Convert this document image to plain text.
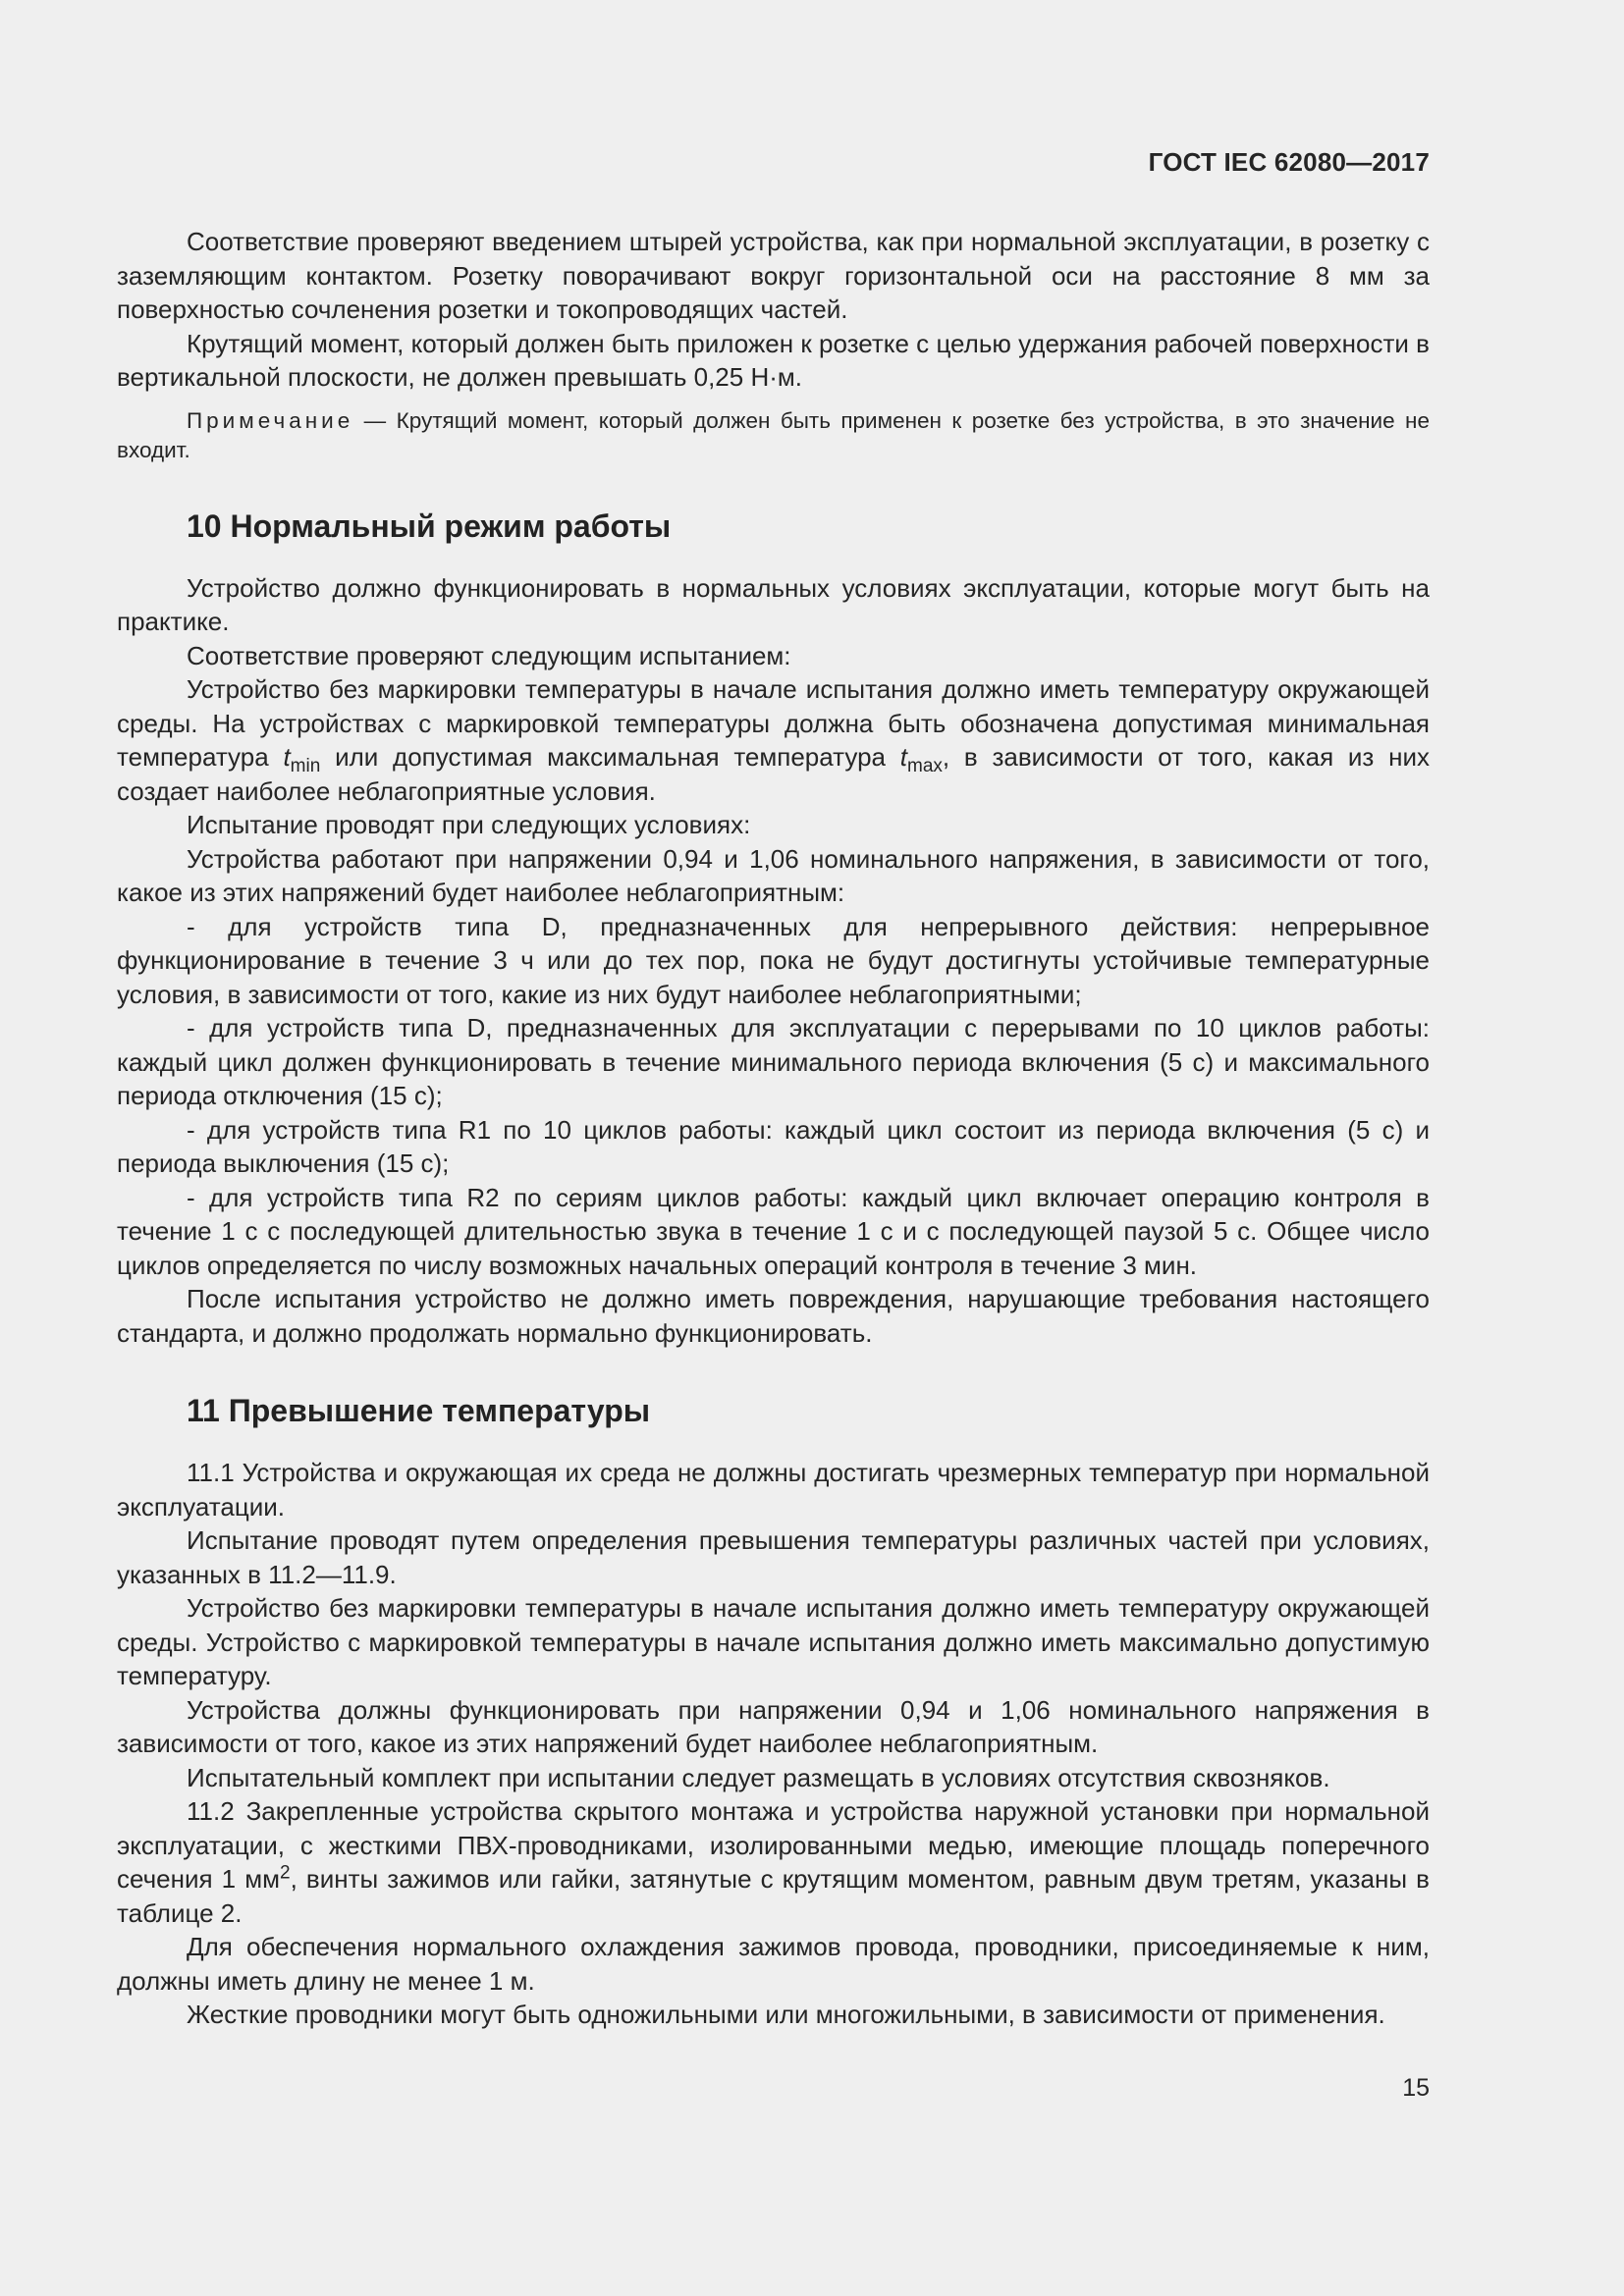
ГОСТ IEC 62080—2017

Соответствие проверяют введением штырей устройства, как при нормальной эксплуатации, в розетку с заземляющим контактом. Розетку поворачивают вокруг горизонтальной оси на расстояние 8 мм за поверхностью сочленения розетки и токопроводящих частей.

Крутящий момент, который должен быть приложен к розетке с целью удержания рабочей поверхности в вертикальной плоскости, не должен превышать 0,25 Н·м.

Примечание — Крутящий момент, который должен быть применен к розетке без устройства, в это значение не входит.

10 Нормальный режим работы

Устройство должно функционировать в нормальных условиях эксплуатации, которые могут быть на практике.

Соответствие проверяют следующим испытанием:

Устройство без маркировки температуры в начале испытания должно иметь температуру окружающей среды. На устройствах с маркировкой температуры должна быть обозначена допустимая минимальная температура $t_{min}$ или допустимая максимальная температура $t_{max}$, в зависимости от того, какая из них создает наиболее неблагоприятные условия.

Испытание проводят при следующих условиях:

Устройства работают при напряжении 0,94 и 1,06 номинального напряжения, в зависимости от того, какое из этих напряжений будет наиболее неблагоприятным:

- для устройств типа D, предназначенных для непрерывного действия: непрерывное функционирование в течение 3 ч или до тех пор, пока не будут достигнуты устойчивые температурные условия, в зависимости от того, какие из них будут наиболее неблагоприятными;

- для устройств типа D, предназначенных для эксплуатации с перерывами по 10 циклов работы: каждый цикл должен функционировать в течение минимального периода включения (5 с) и максимального периода отключения (15 с);

- для устройств типа R1 по 10 циклов работы: каждый цикл состоит из периода включения (5 с) и периода выключения (15 с);

- для устройств типа R2 по сериям циклов работы: каждый цикл включает операцию контроля в течение 1 с с последующей длительностью звука в течение 1 с и с последующей паузой 5 с. Общее число циклов определяется по числу возможных начальных операций контроля в течение 3 мин.

После испытания устройство не должно иметь повреждения, нарушающие требования настоящего стандарта, и должно продолжать нормально функционировать.

11 Превышение температуры

11.1 Устройства и окружающая их среда не должны достигать чрезмерных температур при нормальной эксплуатации.

Испытание проводят путем определения превышения температуры различных частей при условиях, указанных в 11.2—11.9.

Устройство без маркировки температуры в начале испытания должно иметь температуру окружающей среды. Устройство с маркировкой температуры в начале испытания должно иметь максимально допустимую температуру.

Устройства должны функционировать при напряжении 0,94 и 1,06 номинального напряжения в зависимости от того, какое из этих напряжений будет наиболее неблагоприятным.

Испытательный комплект при испытании следует размещать в условиях отсутствия сквозняков.

11.2 Закрепленные устройства скрытого монтажа и устройства наружной установки при нормальной эксплуатации, с жесткими ПВХ-проводниками, изолированными медью, имеющие площадь поперечного сечения 1 $мм^2$, винты зажимов или гайки, затянутые с крутящим моментом, равным двум третям, указаны в таблице 2.

Для обеспечения нормального охлаждения зажимов провода, проводники, присоединяемые к ним, должны иметь длину не менее 1 м.

Жесткие проводники могут быть одножильными или многожильными, в зависимости от применения.

15
